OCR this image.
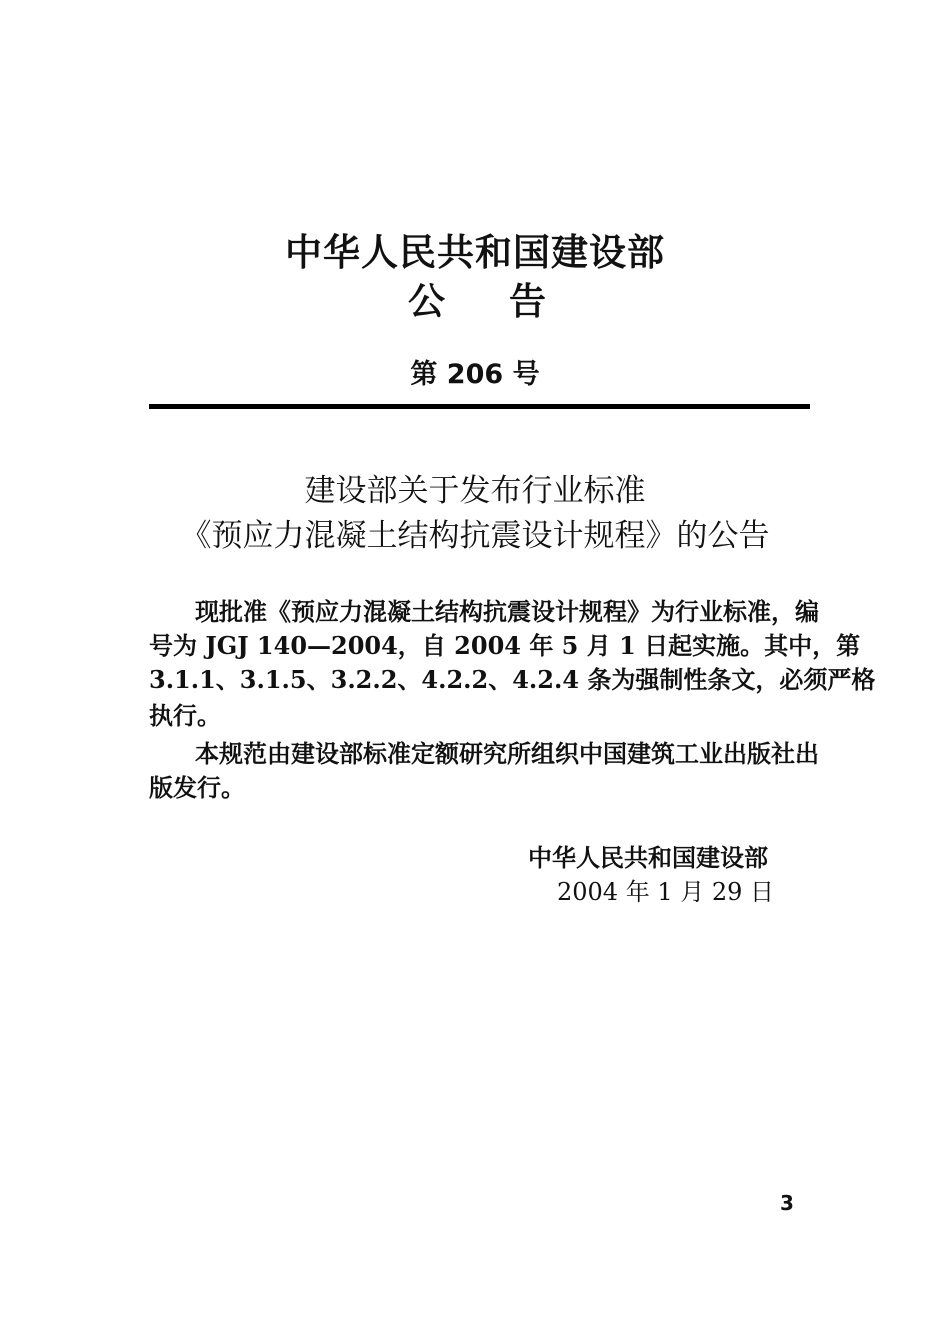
中华人民共和国建设部
公告
第 206 号
建设部关于发布行业标准
《预应力混凝土结构抗震设计规程》的公告
现批准《预应力混凝土结构抗震设计规程》为行业标准，编
号为 JGJ 140—2004，自 2004 年 5 月 1 日起实施。其中，第
3.1.1、3.1.5、3.2.2、4.2.2、4.2.4 条为强制性条文，必须严格
执行。
本规范由建设部标准定额研究所组织中国建筑工业出版社出
版发行。
中华人民共和国建设部
2004 年 1 月 29 日
3
